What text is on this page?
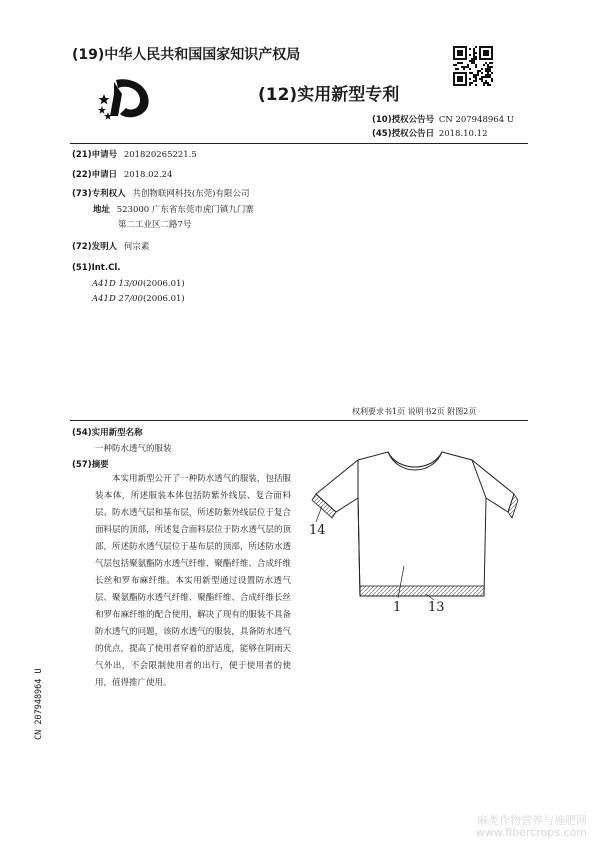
(19)中华人民共和国国家知识产权局
(12)实用新型专利
(10)授权公告号 CN 207948964 U
(45)授权公告日 2018.10.12
(21)申请号 201820265221.5
(22)申请日 2018.02.24
(73)专利权人 共创物联网科技(东莞)有限公司
地址 523000 广东省东莞市虎门镇九门寨
第二工业区二路7号
(72)发明人 何宗素
(51)Int.Cl.
A41D 13/00(2006.01)
A41D 27/00(2006.01)
权利要求书1页 说明书2页 附图2页
(54)实用新型名称
一种防水透气的服装
(57)摘要
本实用新型公开了一种防水透气的服装，包括服装本体，所述服装本体包括防紫外线层、复合面料层、防水透气层和基布层，所述防紫外线层位于复合面料层的顶部，所述复合面料层位于防水透气层的顶部，所述防水透气层位于基布层的顶部，所述防水透气层包括聚氨酯防水透气纤维、聚酯纤维、合成纤维长丝和罗布麻纤维。本实用新型通过设置防水透气层、聚氨酯防水透气纤维、聚酯纤维、合成纤维长丝和罗布麻纤维的配合使用，解决了现有的服装不具备防水透气的问题，该防水透气的服装，具备防水透气的优点，提高了使用者穿着的舒适度，能够在阴雨天气外出，不会限制使用者的出行，便于使用者的使用，值得推广使用。
14
1 13
CN 207948964 U
麻类作物营养与施肥网
www.fibercrops.com
